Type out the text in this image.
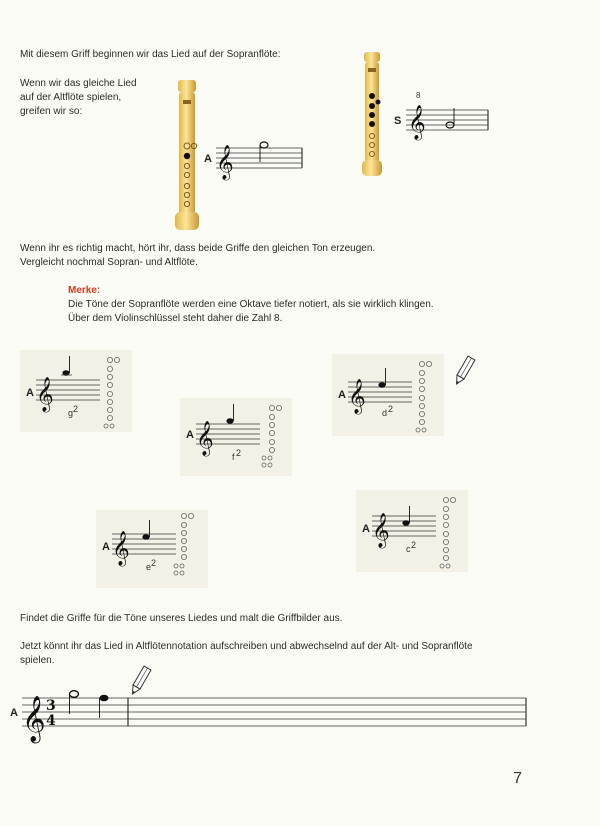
Mit diesem Griff beginnen wir das Lied auf der Sopranflöte:
Wenn wir das gleiche Lied
auf der Altflöte spielen,
greifen wir so:
S 𝄞
8
A 𝄞
Wenn ihr es richtig macht, hört ihr, dass beide Griffe den gleichen Ton erzeugen.
Vergleicht nochmal Sopran- und Altflöte.
Merke:
Die Töne der Sopranflöte werden eine Oktave tiefer notiert, als sie wirklich klingen.
Über dem Violinschlüssel steht daher die Zahl 8.
A 𝄞
g 2
A 𝄞
f 2
A 𝄞 d 2
A 𝄞
e 2
A 𝄞
c 2
Findet die Griffe für die Töne unseres Liedes und malt die Griffbilder aus.
Jetzt könnt ihr das Lied in Altflötennotation aufschreiben und abwechselnd auf der Alt- und Sopranflöte
spielen.
A 𝄞 3
4
7
